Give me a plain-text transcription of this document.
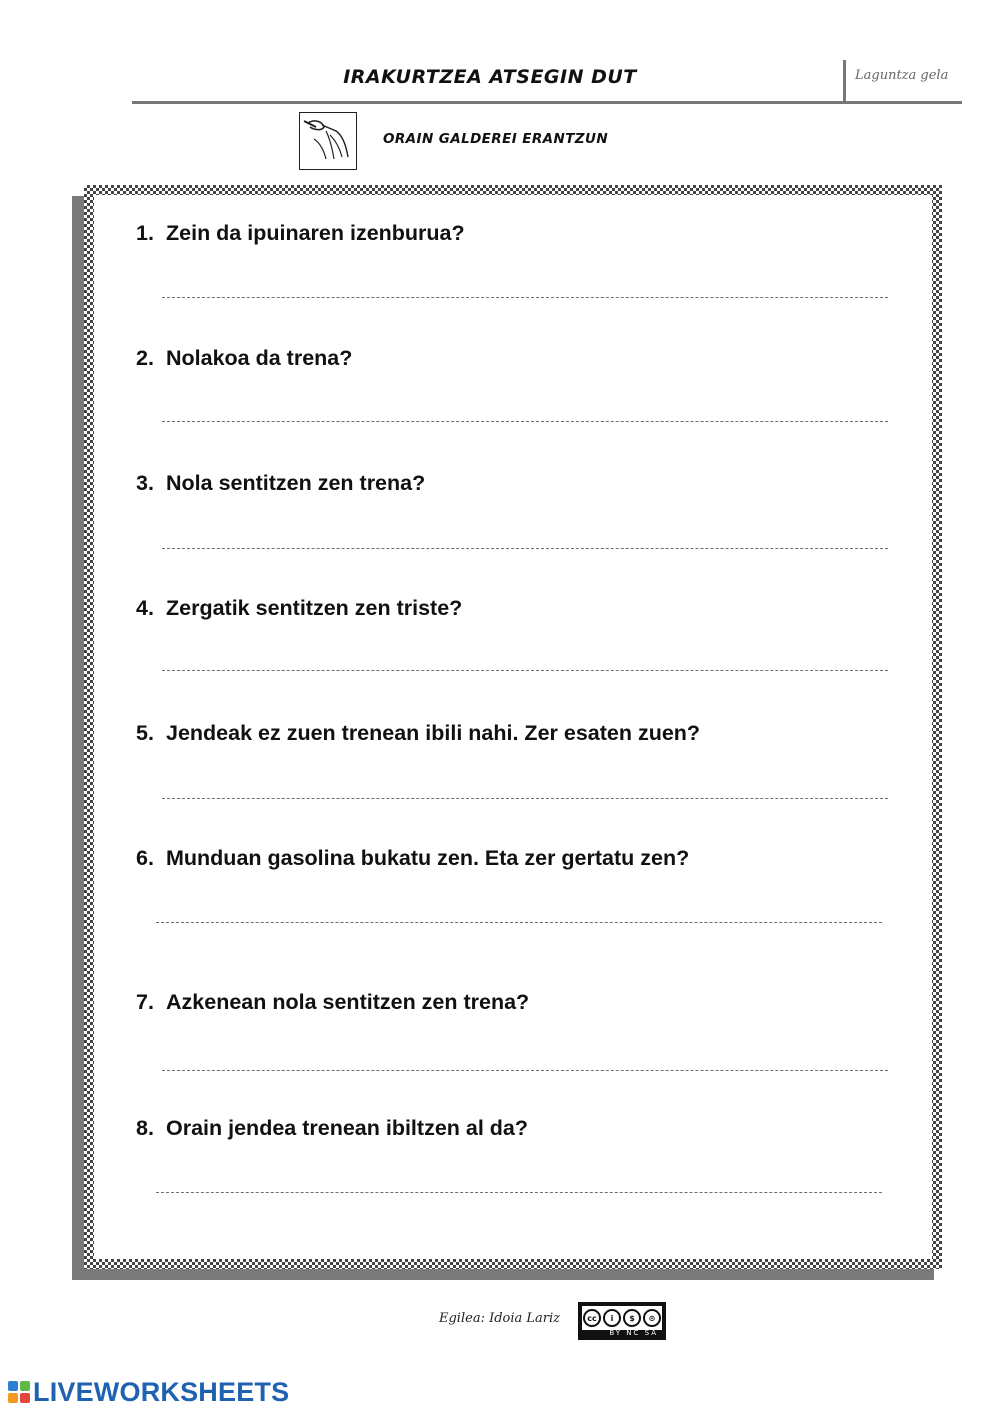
IRAKURTZEA ATSEGIN DUT	Laguntza gela
ORAIN GALDEREI ERANTZUN
1. Zein da ipuinaren izenburua?
2. Nolakoa da trena?
3. Nola sentitzen zen trena?
4. Zergatik sentitzen zen triste?
5. Jendeak ez zuen trenean ibili nahi. Zer esaten zuen?
6. Munduan gasolina bukatu zen. Eta zer gertatu zen?
7. Azkenean nola sentitzen zen trena?
8. Orain jendea trenean ibiltzen al da?
Egilea: Idoia Lariz	cc	i	$	⊙
BY NC SA
LIVEWORKSHEETS
